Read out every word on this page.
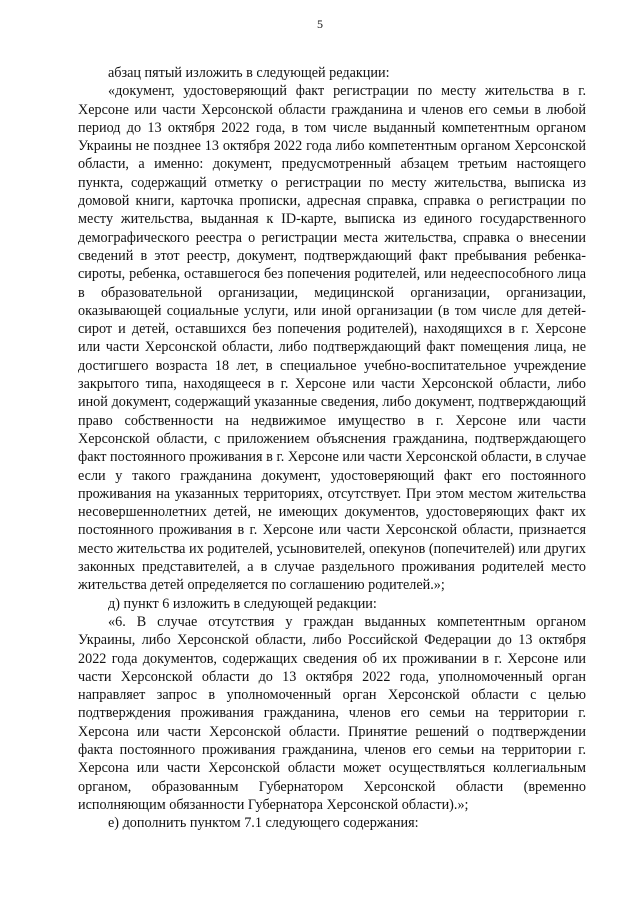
5

абзац пятый изложить в следующей редакции:

«документ, удостоверяющий факт регистрации по месту жительства в г. Херсоне или части Херсонской области гражданина и членов его семьи в любой период до 13 октября 2022 года, в том числе выданный компетентным органом Украины не позднее 13 октября 2022 года либо компетентным органом Херсонской области, а именно: документ, предусмотренный абзацем третьим настоящего пункта, содержащий отметку о регистрации по месту жительства, выписка из домовой книги, карточка прописки, адресная справка, справка о регистрации по месту жительства, выданная к ID-карте, выписка из единого государственного демографического реестра о регистрации места жительства, справка о внесении сведений в этот реестр, документ, подтверждающий факт пребывания ребенка-сироты, ребенка, оставшегося без попечения родителей, или недееспособного лица в образовательной организации, медицинской организации, организации, оказывающей социальные услуги, или иной организации (в том числе для детей-сирот и детей, оставшихся без попечения родителей), находящихся в г. Херсоне или части Херсонской области, либо подтверждающий факт помещения лица, не достигшего возраста 18 лет, в специальное учебно-воспитательное учреждение закрытого типа, находящееся в г. Херсоне или части Херсонской области, либо иной документ, содержащий указанные сведения, либо документ, подтверждающий право собственности на недвижимое имущество в г. Херсоне или части Херсонской области, с приложением объяснения гражданина, подтверждающего факт постоянного проживания в г. Херсоне или части Херсонской области, в случае если у такого гражданина документ, удостоверяющий факт его постоянного проживания на указанных территориях, отсутствует. При этом местом жительства несовершеннолетних детей, не имеющих документов, удостоверяющих факт их постоянного проживания в г. Херсоне или части Херсонской области, признается место жительства их родителей, усыновителей, опекунов (попечителей) или других законных представителей, а в случае раздельного проживания родителей место жительства детей определяется по соглашению родителей.»;

д) пункт 6 изложить в следующей редакции:

«6. В случае отсутствия у граждан выданных компетентным органом Украины, либо Херсонской области, либо Российской Федерации до 13 октября 2022 года документов, содержащих сведения об их проживании в г. Херсоне или части Херсонской области до 13 октября 2022 года, уполномоченный орган направляет запрос в уполномоченный орган Херсонской области с целью подтверждения проживания гражданина, членов его семьи на территории г. Херсона или части Херсонской области. Принятие решений о подтверждении факта постоянного проживания гражданина, членов его семьи на территории г. Херсона или части Херсонской области может осуществляться коллегиальным органом, образованным Губернатором Херсонской области (временно исполняющим обязанности Губернатора Херсонской области).»;

е) дополнить пунктом 7.1 следующего содержания:
